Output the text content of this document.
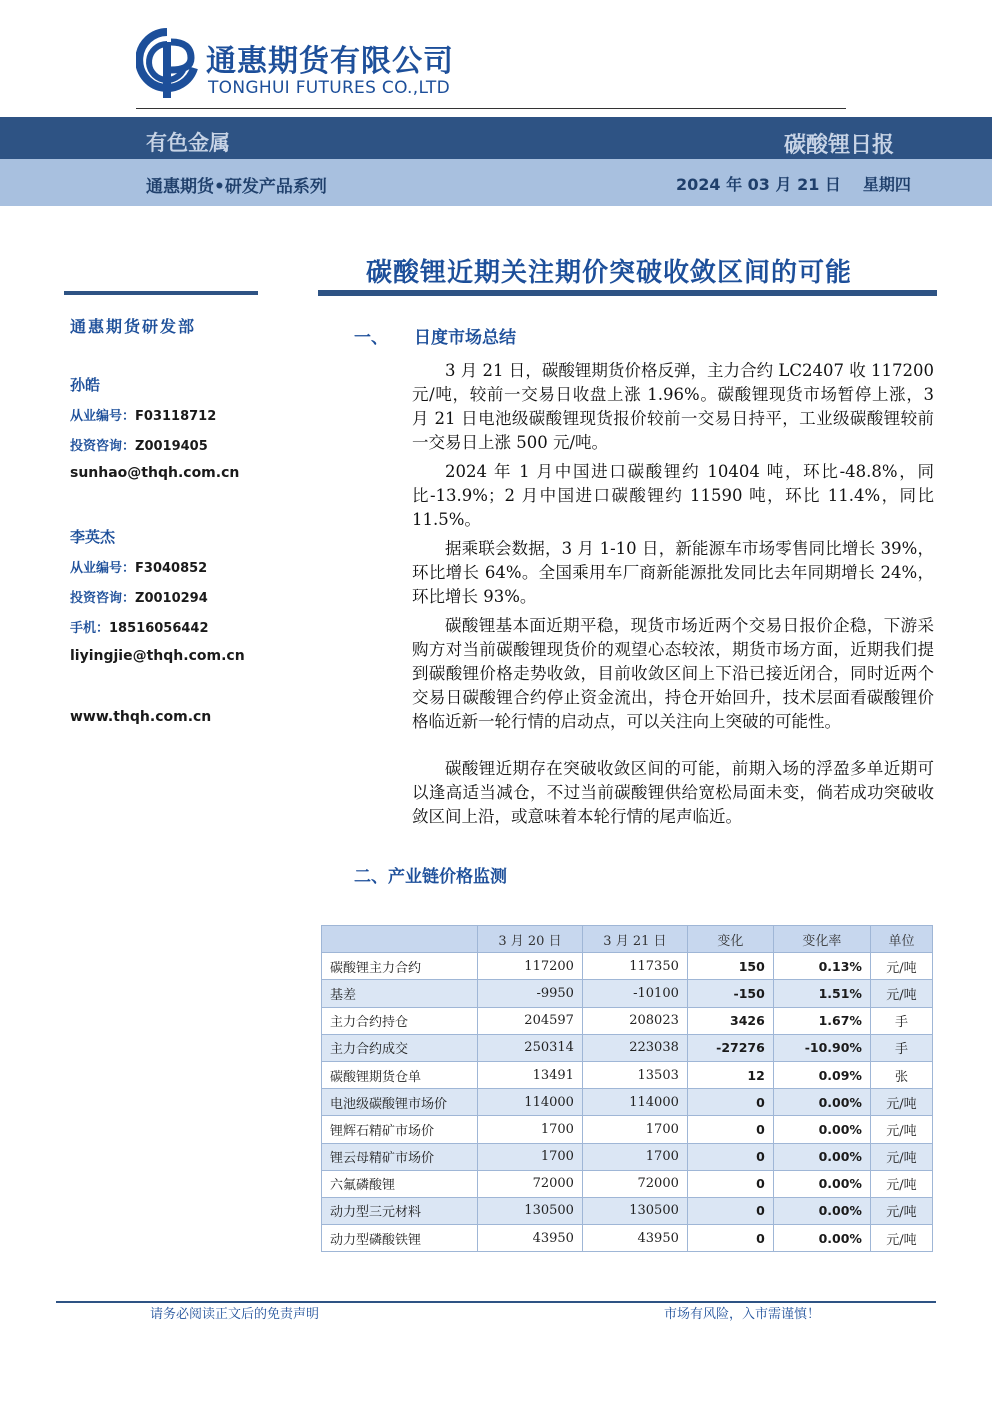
通惠期货有限公司
TONGHUI FUTURES CO.,LTD
有色金属	碳酸锂日报
通惠期货•研发产品系列	2024 年 03 月 21 日 星期四
碳酸锂近期关注期价突破收敛区间的可能
通惠期货研发部
孙皓
从业编号：F03118712
投资咨询：Z0019405
sunhao@thqh.com.cn
李英杰
从业编号：F3040852
投资咨询：Z0010294
手机：18516056442
liyingjie@thqh.com.cn
www.thqh.com.cn
一、 日度市场总结
3 月 21 日，碳酸锂期货价格反弹，主力合约 LC2407 收 117200 元/吨，较前一交易日收盘上涨 1.96%。碳酸锂现货市场暂停上涨，3 月 21 日电池级碳酸锂现货报价较前一交易日持平，工业级碳酸锂较前一交易日上涨 500 元/吨。
2024 年 1 月中国进口碳酸锂约 10404 吨，环比-48.8%，同比-13.9%；2 月中国进口碳酸锂约 11590 吨，环比 11.4%，同比 11.5%。
据乘联会数据，3 月 1-10 日，新能源车市场零售同比增长 39%，环比增长 64%。全国乘用车厂商新能源批发同比去年同期增长 24%，环比增长 93%。
碳酸锂基本面近期平稳，现货市场近两个交易日报价企稳，下游采购方对当前碳酸锂现货价的观望心态较浓，期货市场方面，近期我们提到碳酸锂价格走势收敛，目前收敛区间上下沿已接近闭合，同时近两个交易日碳酸锂合约停止资金流出，持仓开始回升，技术层面看碳酸锂价格临近新一轮行情的启动点，可以关注向上突破的可能性。
碳酸锂近期存在突破收敛区间的可能，前期入场的浮盈多单近期可以逢高适当减仓，不过当前碳酸锂供给宽松局面未变，倘若成功突破收敛区间上沿，或意味着本轮行情的尾声临近。
二、产业链价格监测
	3 月 20 日	3 月 21 日	变化	变化率	单位
碳酸锂主力合约	117200	117350	150	0.13%	元/吨
基差	-9950	-10100	-150	1.51%	元/吨
主力合约持仓	204597	208023	3426	1.67%	手
主力合约成交	250314	223038	-27276	-10.90%	手
碳酸锂期货仓单	13491	13503	12	0.09%	张
电池级碳酸锂市场价	114000	114000	0	0.00%	元/吨
锂辉石精矿市场价	1700	1700	0	0.00%	元/吨
锂云母精矿市场价	1700	1700	0	0.00%	元/吨
六氟磷酸锂	72000	72000	0	0.00%	元/吨
动力型三元材料	130500	130500	0	0.00%	元/吨
动力型磷酸铁锂	43950	43950	0	0.00%	元/吨
请务必阅读正文后的免责声明	市场有风险，入市需谨慎！
